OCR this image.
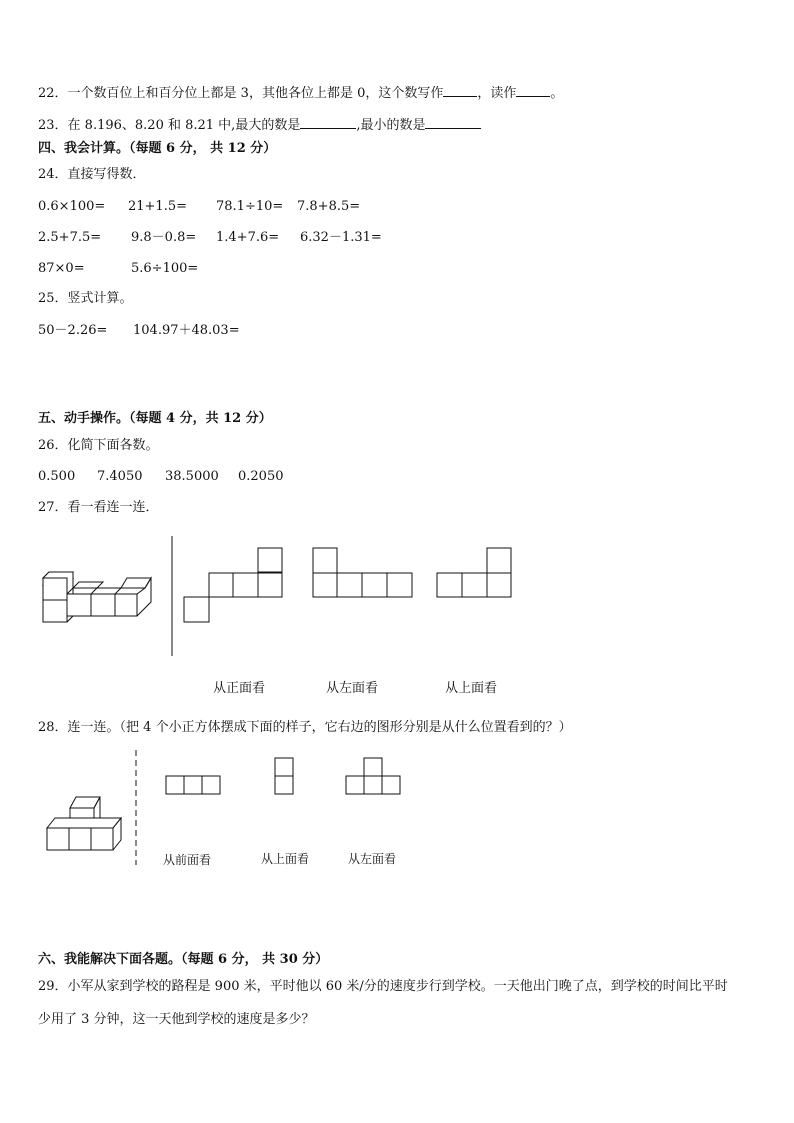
22．一个数百位上和百分位上都是 3，其他各位上都是 0，这个数写作	，读作	。
23．在 8.196、8.20 和 8.21 中,最大的数是	,最小的数是
四、我会计算。（每题 6 分， 共 12 分）
24．直接写得数．
0.6×100= 21+1.5= 78.1÷10= 7.8+8.5=
2.5+7.5= 9.8－0.8= 1.4+7.6= 6.32－1.31=
87×0=	5.6÷100=
25．竖式计算。
50－2.26= 104.97＋48.03=
五、动手操作。（每题 4 分，共 12 分）
26．化简下面各数。
0.500 7.4050 38.5000 0.2050
27．看一看连一连．
从正面看	从左面看	从上面看
28．连一连。（把 4 个小正方体摆成下面的样子，它右边的图形分别是从什么位置看到的？）
从前面看	从上面看	从左面看
六、我能解决下面各题。（每题 6 分， 共 30 分）
29．小军从家到学校的路程是 900 米，平时他以 60 米/分的速度步行到学校。一天他出门晚了点，到学校的时间比平时
少用了 3 分钟，这一天他到学校的速度是多少？
